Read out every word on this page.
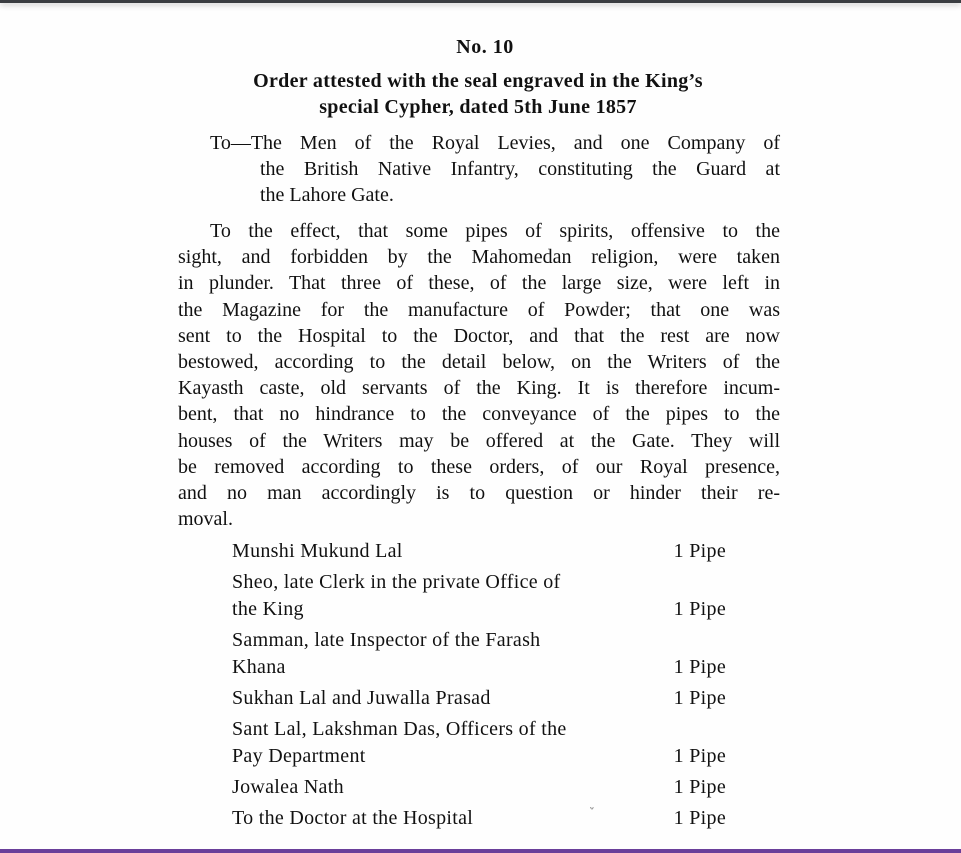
No. 10
Order attested with the seal engraved in the King’s
special Cypher, dated 5th June 1857
To—The Men of the Royal Levies, and one Company of
the British Native Infantry, constituting the Guard at
the Lahore Gate.
To the effect, that some pipes of spirits, offensive to the
sight, and forbidden by the Mahomedan religion, were taken
in plunder. That three of these, of the large size, were left in
the Magazine for the manufacture of Powder; that one was
sent to the Hospital to the Doctor, and that the rest are now
bestowed, according to the detail below, on the Writers of the
Kayasth caste, old servants of the King. It is therefore incum-
bent, that no hindrance to the conveyance of the pipes to the
houses of the Writers may be offered at the Gate. They will
be removed according to these orders, of our Royal presence,
and no man accordingly is to question or hinder their re-
moval.
Munshi Mukund Lal	1 Pipe
Sheo, late Clerk in the private Office of
the King	1 Pipe
Samman, late Inspector of the Farash
Khana	1 Pipe
Sukhan Lal and Juwalla Prasad	1 Pipe
Sant Lal, Lakshman Das, Officers of the
Pay Department	1 Pipe
Jowalea Nath	1 Pipe
To the Doctor at the Hospital	1 Pipe
ʷ
